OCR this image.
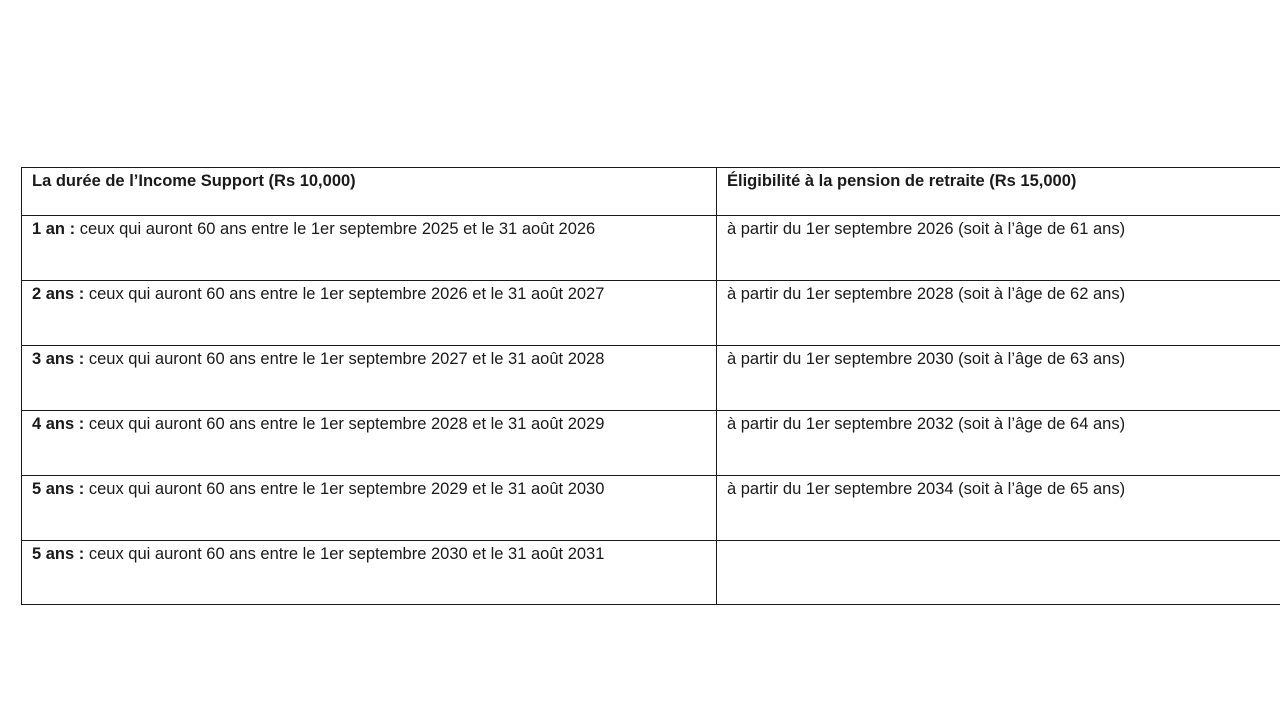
La durée de l’Income Support (Rs 10,000)	Éligibilité à la pension de retraite (Rs 15,000)
1 an : ceux qui auront 60 ans entre le 1er septembre 2025 et le 31 août 2026	à partir du 1er septembre 2026 (soit à l’âge de 61 ans)
2 ans : ceux qui auront 60 ans entre le 1er septembre 2026 et le 31 août 2027	à partir du 1er septembre 2028 (soit à l’âge de 62 ans)
3 ans : ceux qui auront 60 ans entre le 1er septembre 2027 et le 31 août 2028	à partir du 1er septembre 2030 (soit à l’âge de 63 ans)
4 ans : ceux qui auront 60 ans entre le 1er septembre 2028 et le 31 août 2029	à partir du 1er septembre 2032 (soit à l’âge de 64 ans)
5 ans : ceux qui auront 60 ans entre le 1er septembre 2029 et le 31 août 2030	à partir du 1er septembre 2034 (soit à l’âge de 65 ans)
5 ans : ceux qui auront 60 ans entre le 1er septembre 2030 et le 31 août 2031	
